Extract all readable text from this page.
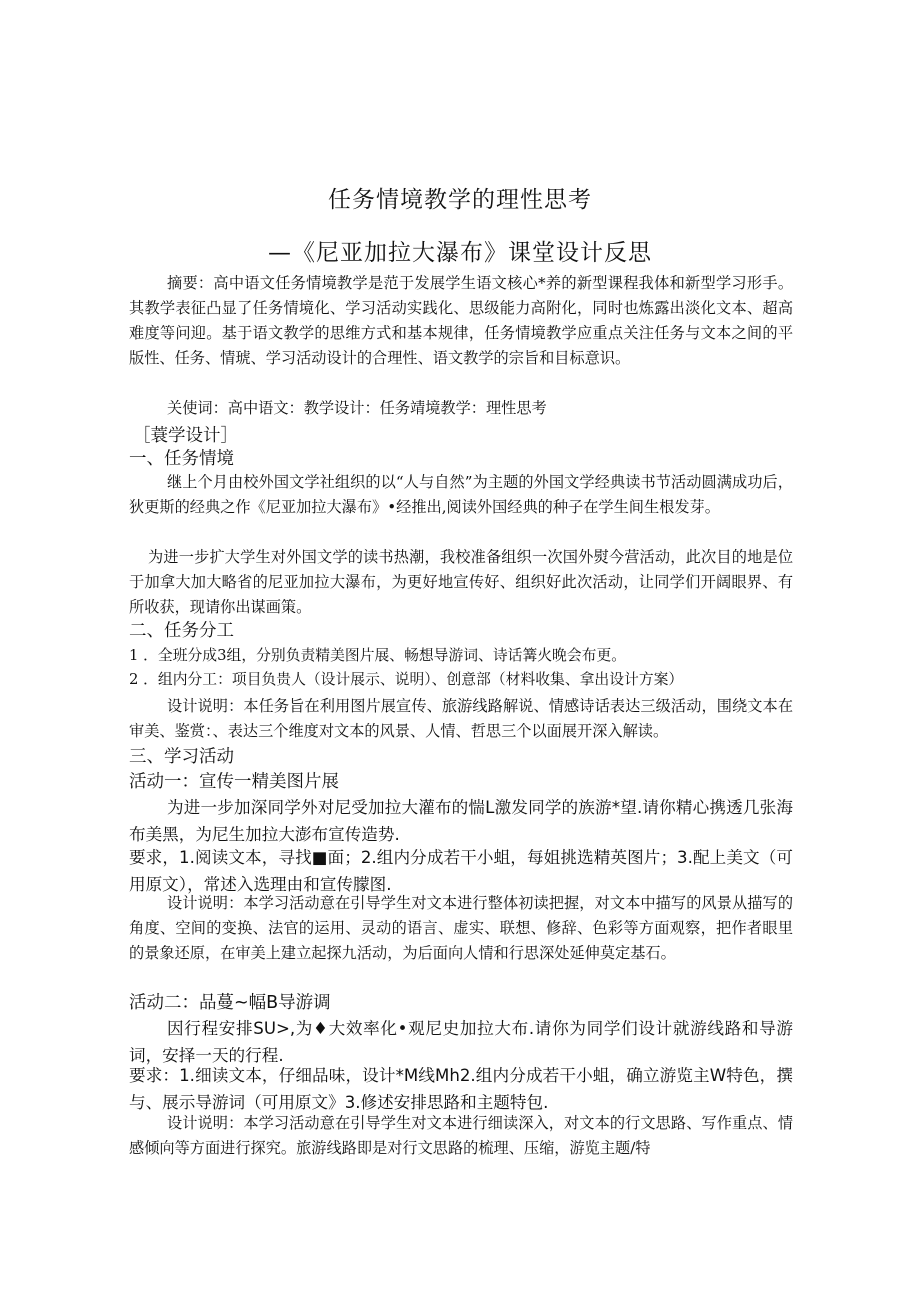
任务情境教学的理性思考
—《尼亚加拉大瀑布》课堂设计反思
摘要：高中语文任务情境教学是范于发展学生语文核心*养的新型课程我体和新型学习形手。其教学表征凸显了任务情境化、学习活动实践化、思级能力高附化，同时也炼露出淡化文本、超高难度等问迎。基于语文教学的思维方式和基本规律，任务情境教学应重点关注任务与文本之间的平版性、任务、情琥、学习活动设计的合理性、语文教学的宗旨和目标意识。
关使词：高中语文：教学设计：任务靖境教学：理性思考
［蓑学设计］
一、任务情境
继上个月由校外国文学社组织的以“人与自然”为主题的外国文学经典读书节活动圆满成功后，狄更斯的经典之作《尼亚加拉大瀑布》•经推出,阅读外国经典的种子在学生间生根发芽。
为进一步扩大学生对外国文学的读书热潮，我校准备组织一次国外熨今营活动，此次目的地是位于加拿大加大略省的尼亚加拉大瀑布，为更好地宣传好、组织好此次活动，让同学们开阔眼界、有所收获，现请你出谋画策。
二、任务分工
1 ．全班分成3组，分别负责精美图片展、畅想导游词、诗话篝火晚会布更。
2 ．组内分工：项目负贵人（设计展示、说明）、创意部（材料收集、拿出设计方案）
设计说明：本任务旨在利用图片展宣传、旅游线路解说、情感诗话表达三级活动，围绕文本在审美、鉴赏：、表达三个维度对文本的风景、人情、哲思三个以面展开深入解读。
三、学习活动
活动一：宣传一精美图片展
为进一步加深同学外对尼受加拉大灌布的惴L激发同学的族游*望.请你精心携透几张海布美黑，为尼生加拉大澎布宣传造势.
要求，1.阅读文本，寻找■面；2.组内分成若干小蛆，每姐挑选精英图片；3.配上美文（可用原文），常述入选理由和宣传朦图.
设计说明：本学习活动意在引导学生对文本进行整体初读把握，对文本中描写的风景从描写的角度、空间的变换、法官的运用、灵动的语言、虚实、联想、修辞、色彩等方面观察，把作者眼里的景象还原，在审美上建立起探九活动，为后面向人情和行思深处延伸莫定基石。
活动二：品蔓~幅B导游调
因行程安排SU>,为♦大效率化•观尼史加拉大布.请你为同学们设计就游线路和导游词，安择一天的行程.
要求：1.细读文本，仔细品味，设计*M线Mh2.组内分成若干小蛆，确立游览主W特色，撰与、展示导游词（可用原文》3.修述安排思路和主题特包.
设计说明：本学习活动意在引导学生对文本进行细读深入，对文本的行文思路、写作重点、情感倾向等方面进行探究。旅游线路即是对行文思路的梳理、压缩，游览主题/特
